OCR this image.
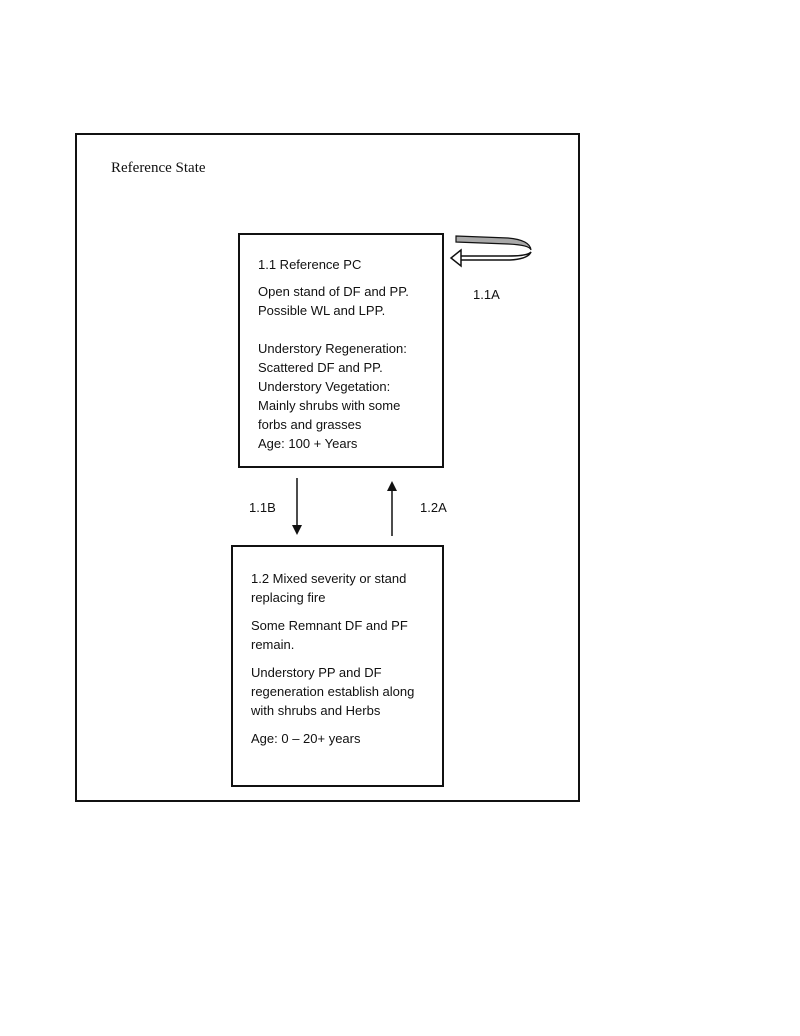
Reference State

1.1 Reference PC

Open stand of DF and PP.
Possible WL and LPP.

Understory Regeneration:
Scattered DF and PP.
Understory Vegetation:
Mainly shrubs with some
forbs and grasses
Age: 100 + Years

1.2 Mixed severity or stand
replacing fire

Some Remnant DF and PF
remain.

Understory PP and DF
regeneration establish along
with shrubs and Herbs

Age: 0 – 20+ years

1.1A
1.1B	1.2A
